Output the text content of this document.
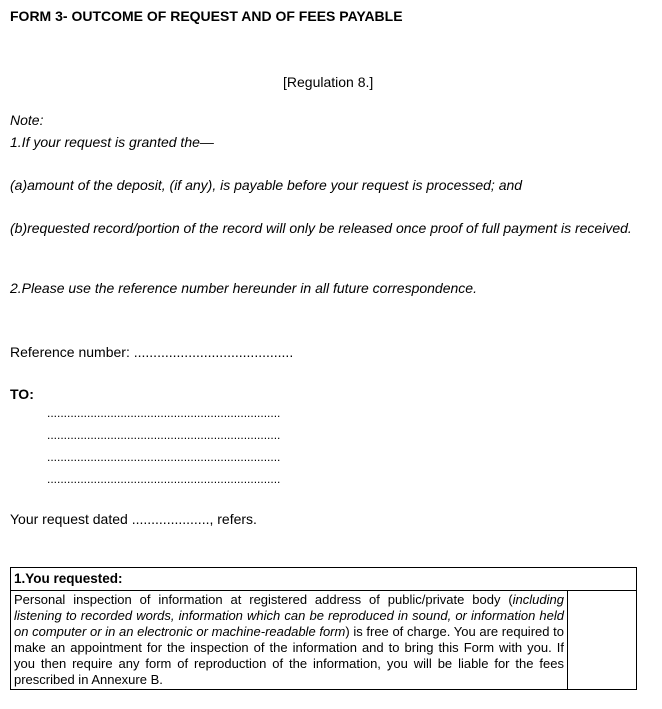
FORM 3- OUTCOME OF REQUEST AND OF FEES PAYABLE
[Regulation 8.]
Note:
1.If your request is granted the—
(a)amount of the deposit, (if any), is payable before your request is processed; and
(b)requested record/portion of the record will only be released once proof of full payment is received.
2.Please use the reference number hereunder in all future correspondence.
Reference number: .........................................
TO:
......................................................................
......................................................................
......................................................................
......................................................................
Your request dated ...................., refers.
1.You requested:
Personal inspection of information at registered address of public/private body (including listening to recorded words, information which can be reproduced in sound, or information held on computer or in an electronic or machine-readable form) is free of charge. You are required to make an appointment for the inspection of the information and to bring this Form with you. If you then require any form of reproduction of the information, you will be liable for the fees prescribed in Annexure B.	
